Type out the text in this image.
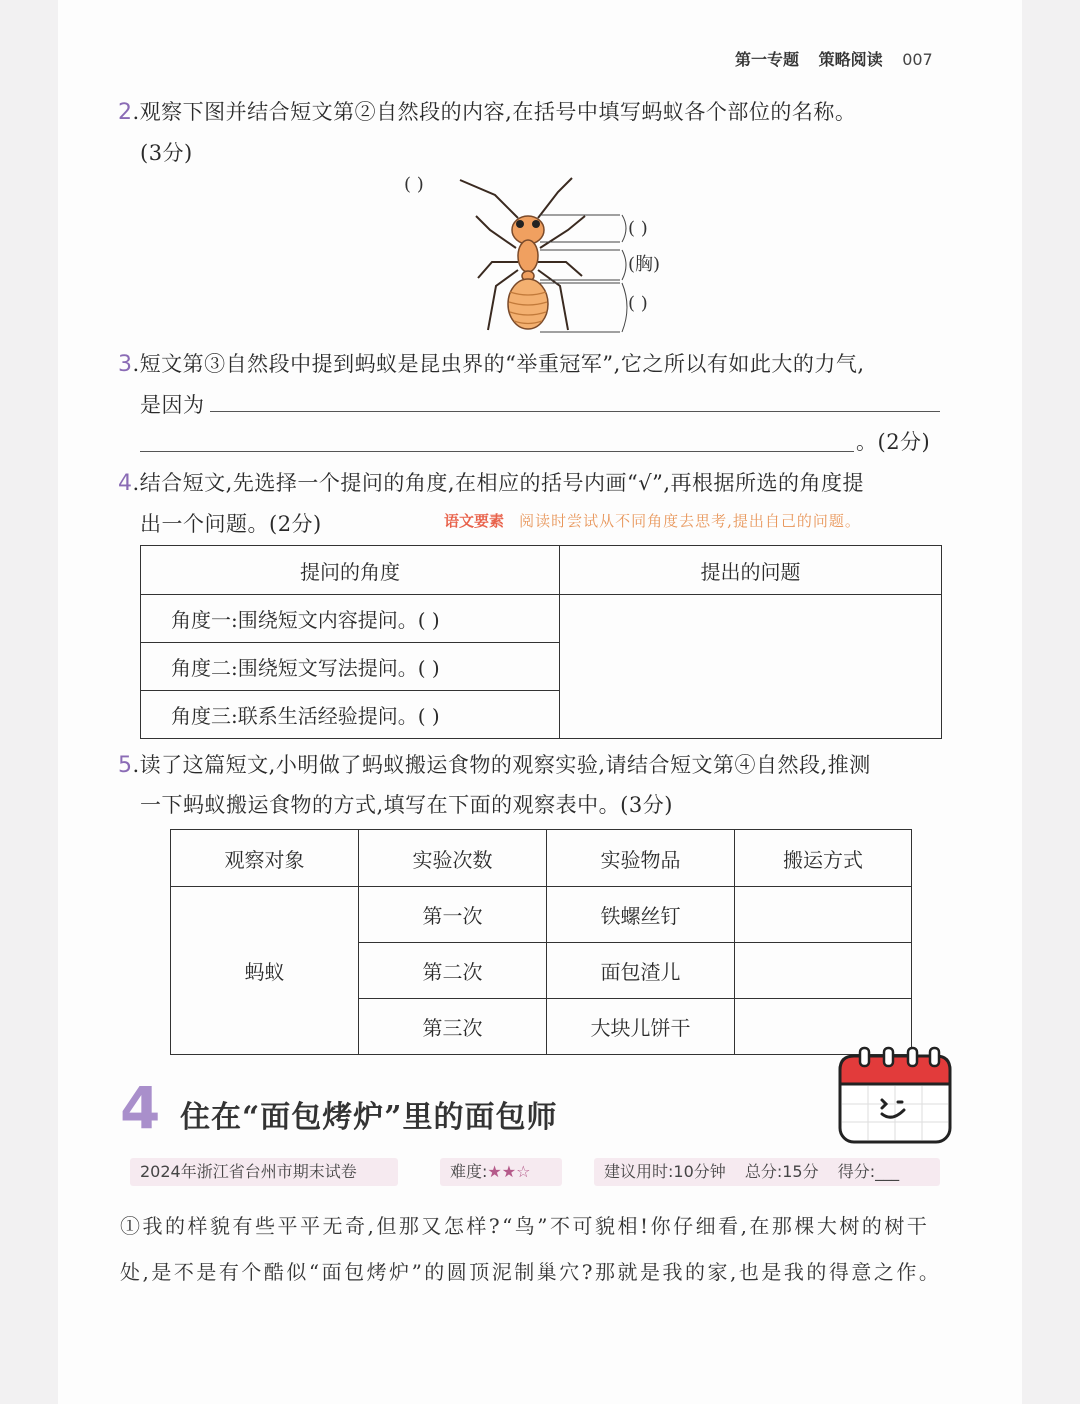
第一专题 策略阅读 007
2.观察下图并结合短文第②自然段的内容,在括号中填写蚂蚁各个部位的名称。
(3分)
( )
( )
(胸)
( )
3.短文第③自然段中提到蚂蚁是昆虫界的“举重冠军”,它之所以有如此大的力气,
是因为
。(2分)
4.结合短文,先选择一个提问的角度,在相应的括号内画“√”,再根据所选的角度提
出一个问题。(2分)	语文要素 阅读时尝试从不同角度去思考,提出自己的问题。
提问的角度	提出的问题
角度一:围绕短文内容提问。( )	
角度二:围绕短文写法提问。( )	
角度三:联系生活经验提问。( )	
5.读了这篇短文,小明做了蚂蚁搬运食物的观察实验,请结合短文第④自然段,推测
一下蚂蚁搬运食物的方式,填写在下面的观察表中。(3分)
观察对象	实验次数	实验物品	搬运方式
蚂蚁	第一次	铁螺丝钉	
	第二次	面包渣儿	
	第三次	大块儿饼干	
4 住在“面包烤炉”里的面包师
2024年浙江省台州市期末试卷	难度:★★☆	建议用时:10分钟 总分:15分 得分:___
①我的样貌有些平平无奇,但那又怎样?“鸟”不可貌相!你仔细看,在那棵大树的树干处,是不是有个酷似“面包烤炉”的圆顶泥制巢穴?那就是我的家,也是我的得意之作。
